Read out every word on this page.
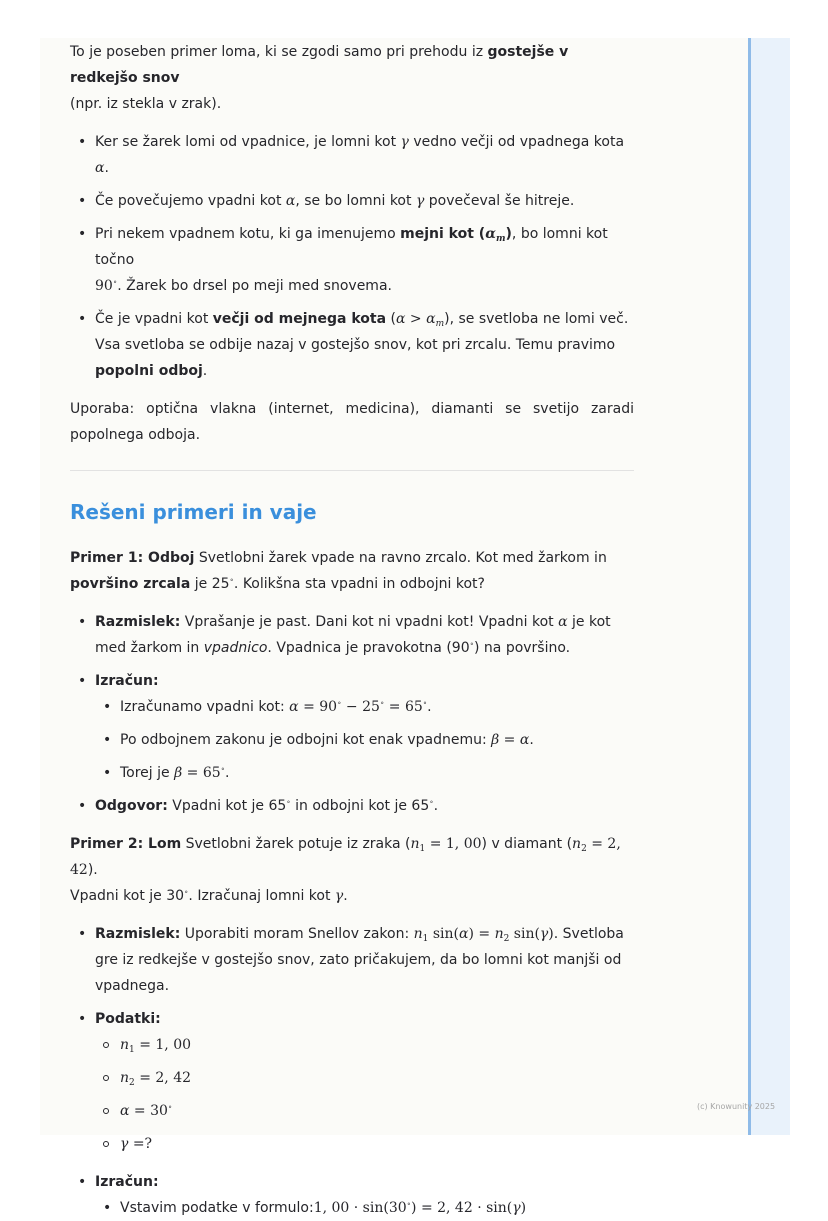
To je poseben primer loma, ki se zgodi samo pri prehodu iz gostejše v redkejšo snov
(npr. iz stekla v zrak).

• Ker se žarek lomi od vpadnice, je lomni kot γ vedno večji od vpadnega kota α.
• Če povečujemo vpadni kot α, se bo lomni kot γ povečeval še hitreje.
• Pri nekem vpadnem kotu, ki ga imenujemo mejni kot $(\alpha_m)$, bo lomni kot točno
90∘. Žarek bo drsel po meji med snovema.
• Če je vpadni kot večji od mejnega kota $(\alpha > \alpha_m)$, se svetloba ne lomi več. Vsa svetloba se odbije nazaj v gostejšo snov, kot pri zrcalu. Temu pravimo popolni odboj.

Uporaba: optična vlakna (internet, medicina), diamanti se svetijo zaradi popolnega odboja.

Rešeni primeri in vaje

Primer 1: Odboj Svetlobni žarek vpade na ravno zrcalo. Kot med žarkom in površino zrcala je 25∘. Kolikšna sta vpadni in odbojni kot?

• Razmislek: Vprašanje je past. Dani kot ni vpadni kot! Vpadni kot α je kot med žarkom in vpadnico. Vpadnica je pravokotna (90∘) na površino.
• Izračun:
• Izračunamo vpadni kot: α = 90∘ − 25∘ = 65∘.
• Po odbojnem zakonu je odbojni kot enak vpadnemu: β = α.
• Torej je β = 65∘.
• Odgovor: Vpadni kot je 65∘ in odbojni kot je 65∘.

Primer 2: Lom Svetlobni žarek potuje iz zraka ($n_1 = 1$, 00) v diamant ($n_2 = 2$, 42).
Vpadni kot je 30∘. Izračunaj lomni kot γ.

• Razmislek: Uporabiti moram Snellov zakon: $n_1$ $\sin(\alpha) = n_2$ sin(γ). Svetloba gre iz redkejše v gostejšo snov, zato pričakujem, da bo lomni kot manjši od vpadnega.
• Podatki:
$n_1 = 1$, 00
$n_2 = 2$, 42
α = 30∘
γ =?
• Izračun:
• Vstavim podatke v formulo:1, 00 · sin(30∘) = 2, 42 · sin(γ)
(c) Knowunity 2025
